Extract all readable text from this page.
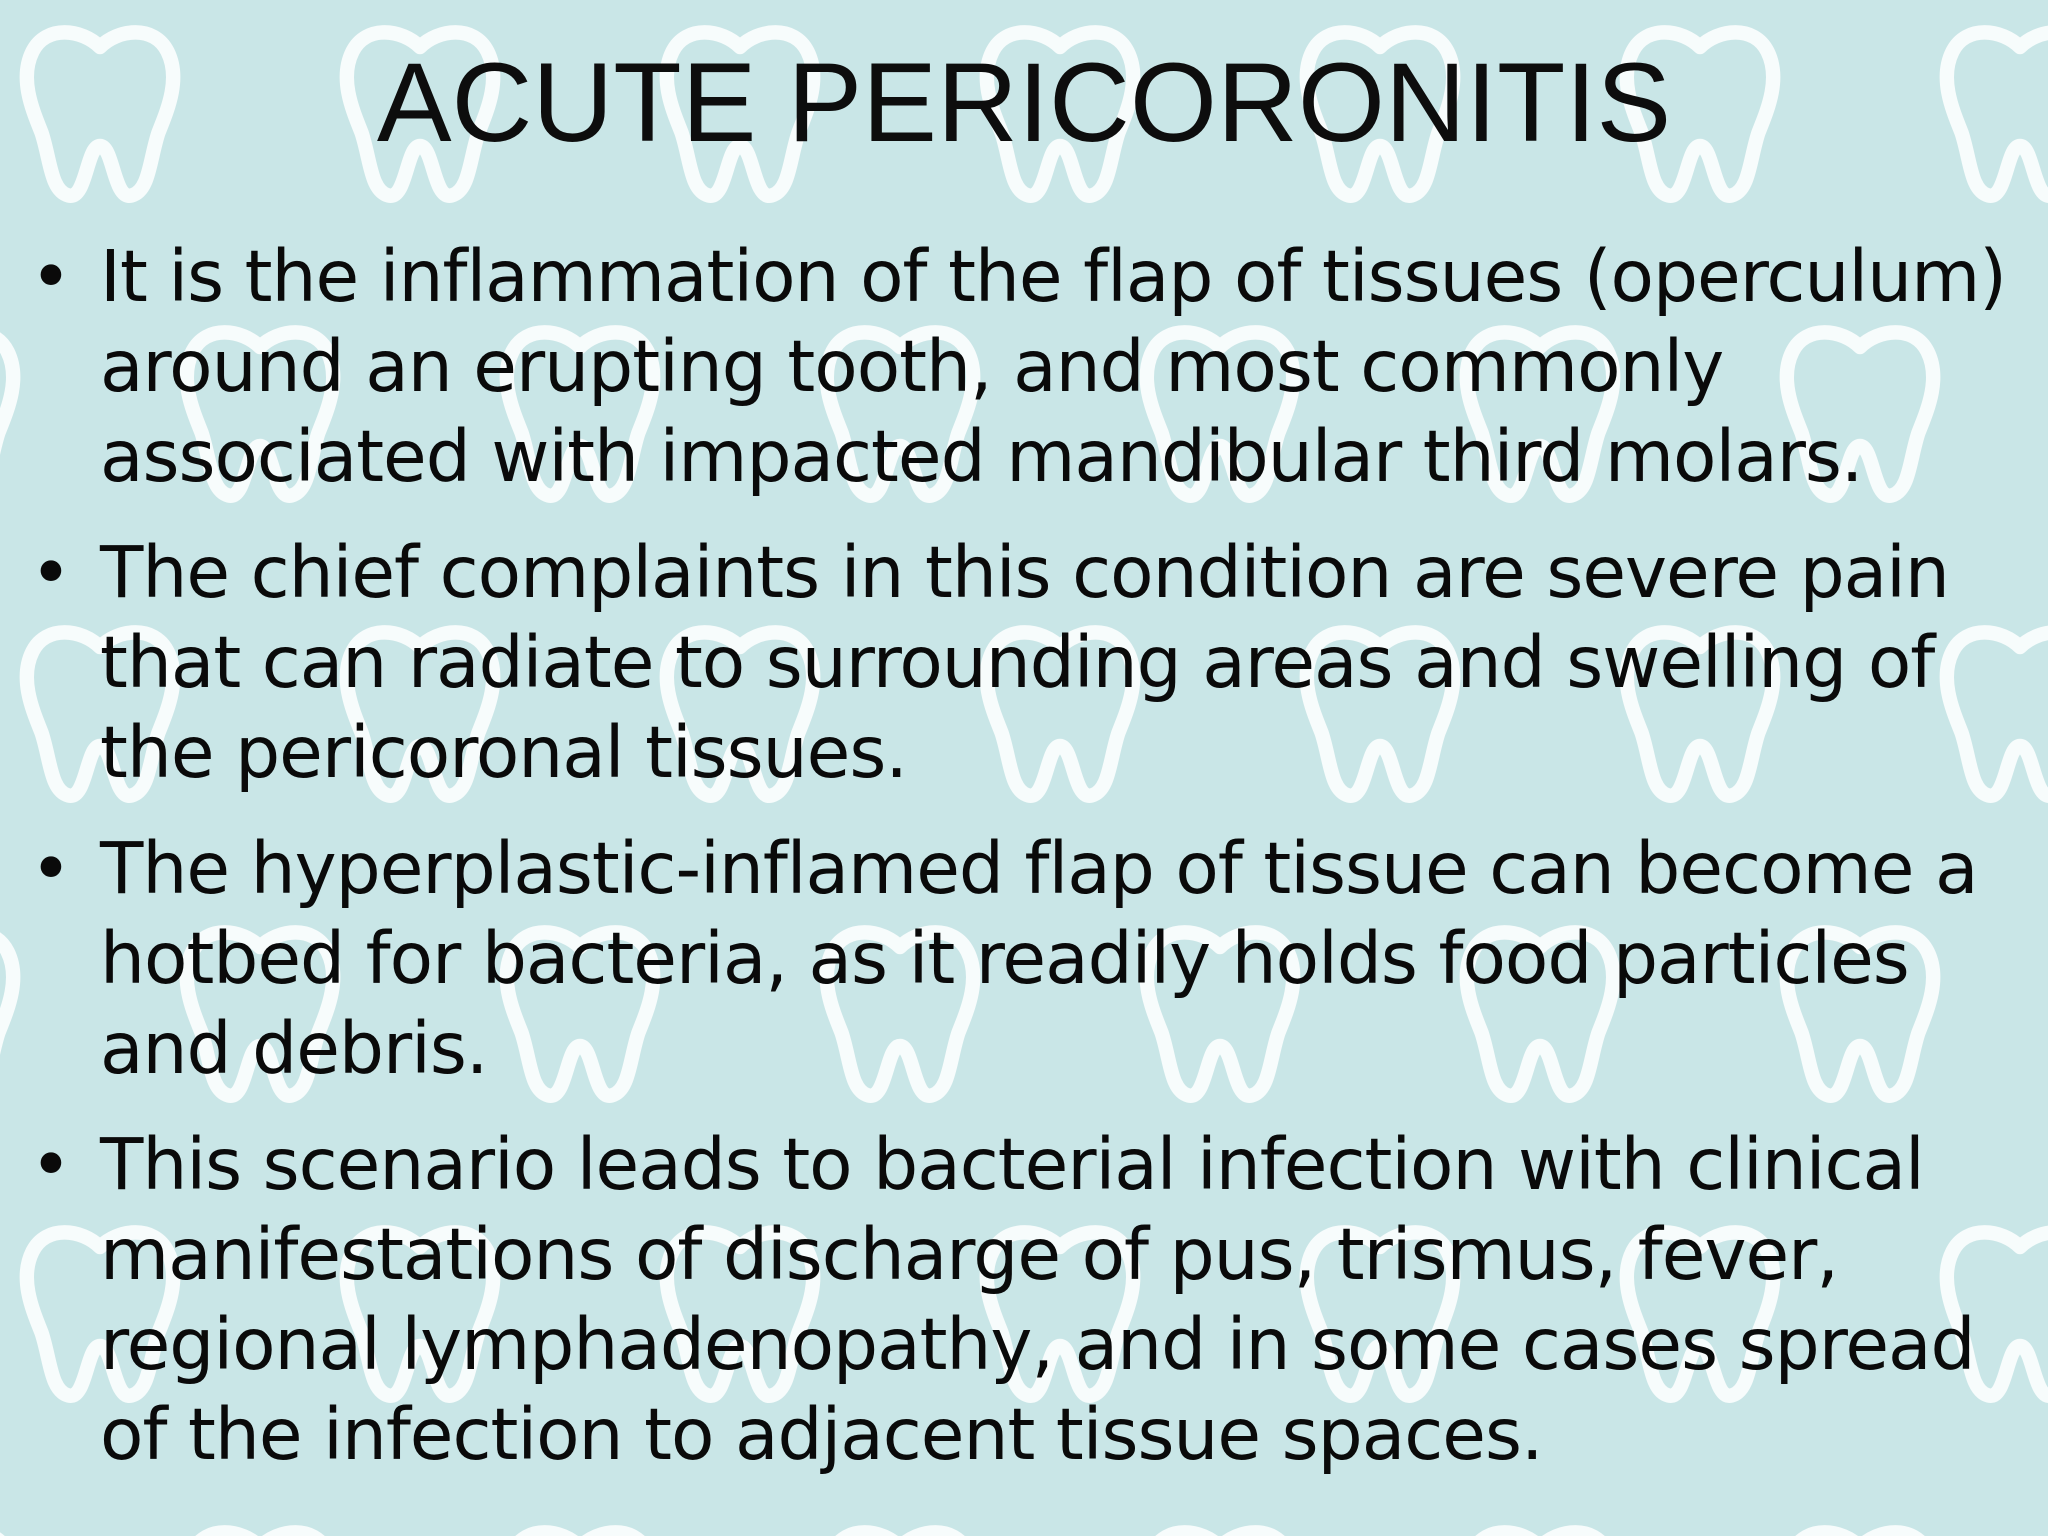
ACUTE PERICORONITIS
• It is the inflammation of the flap of tissues (operculum) around an erupting tooth, and most commonly associated with impacted mandibular third molars.
• The chief complaints in this condition are severe pain that can radiate to surrounding areas and swelling of the pericoronal tissues.
• The hyperplastic-inflamed flap of tissue can become a hotbed for bacteria, as it readily holds food particles and debris.
• This scenario leads to bacterial infection with clinical manifestations of discharge of pus, trismus, fever, regional lymphadenopathy, and in some cases spread of the infection to adjacent tissue spaces.
